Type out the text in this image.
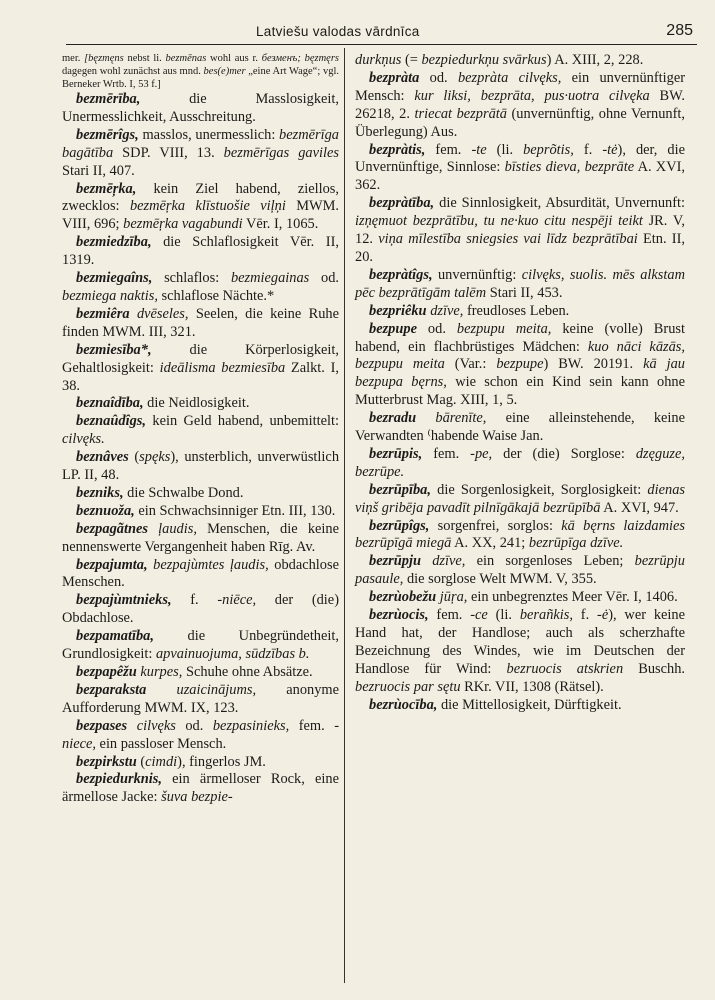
Latviešu valodas vārdnīca	285

mer. [bęzmęns nebst li. bezmēnas wohl aus r. безменъ; bęzmęrs dagegen wohl zunächst aus mnd. bes(e)mer „eine Art Wage“; vgl. Berneker Wrtb. I, 53 f.]

bezmērība, die Masslosigkeit, Unermesslichkeit, Ausschreitung.

bezmērîgs, masslos, unermesslich: bezmērīga bagātība SDP. VIII, 13. bezmērīgas gaviles Stari II, 407.

bezmēŗka, kein Ziel habend, ziellos, zwecklos: bezmēŗka klīstuošie viļņi MWM. VIII, 696; bezmēŗka vagabundi Vēr. I, 1065.

bezmiedzība, die Schlaflosigkeit Vēr. II, 1319.

bezmiegaîns, schlaflos: bezmiegainas od. bezmiega naktis, schlaflose Nächte.*

bezmiêra dvēseles, Seelen, die keine Ruhe finden MWM. III, 321.

bezmiesība*, die Körperlosigkeit, Gehaltlosigkeit: ideālisma bezmiesība Zalkt. I, 38.

beznaîdība, die Neidlosigkeit.

beznaûdîgs, kein Geld habend, unbemittelt: cilvęks.

beznâves (spęks), unsterblich, unverwüstlich LP. II, 48.

bezniks, die Schwalbe Dond.

beznuoža, ein Schwachsinniger Etn. III, 130.

bezpagãtnes ļaudis, Menschen, die keine nennenswerte Vergangenheit haben Rīg. Av.

bezpajumta, bezpajùmtes ļaudis, obdachlose Menschen.

bezpajùmtnieks, f. -niēce, der (die) Obdachlose.

bezpamatība, die Unbegründetheit, Grundlosigkeit: apvainuojuma, sūdzības b.

bezpapêžu kurpes, Schuhe ohne Absätze.

bezparaksta uzaicinājums, anonyme Aufforderung MWM. IX, 123.

bezpases cilvęks od. bezpasinieks, fem. -niece, ein passloser Mensch.

bezpirkstu (cimdi), fingerlos JM.

bezpiedurknis, ein ärmelloser Rock, eine ärmellose Jacke: šuva bezpie-

durkņus (= bezpiedurkņu svārkus) A. XIII, 2, 228.

bezpràta od. bezpràta cilvęks, ein unvernünftiger Mensch: kur liksi, bezprāta, pus·uotra cilvęka BW. 26218, 2. triecat bezprātā (unvernünftig, ohne Vernunft, Überlegung) Aus.

bezpràtis, fem. -te (li. beprõtis, f. -tė), der, die Unvernünftige, Sinnlose: bīsties dieva, bezprāte A. XVI, 362.

bezpràtība, die Sinnlosigkeit, Absurdität, Unvernunft: izņęmuot bezprātību, tu ne·kuo citu nespēji teikt JR. V, 12. viņa mīlestība sniegsies vai līdz bezprātībai Etn. II, 20.

bezpràtîgs, unvernünftig: cilvęks, suolis. mēs alkstam pēc bezprātīgām talēm Stari II, 453.

bezpriêku dzīve, freudloses Leben.

bezpupe od. bezpupu meita, keine (volle) Brust habend, ein flachbrüstiges Mädchen: kuo nāci kāzās, bezpupu meita (Var.: bezpupe) BW. 20191. kā jau bezpupa bęrns, wie schon ein Kind sein kann ohne Mutterbrust Mag. XIII, 1, 5.

bezradu bārenīte, eine alleinstehende, keine Verwandten ⁽habende Waise Jan.

bezrūpis, fem. -pe, der (die) Sorglose: dzęguze, bezrūpe.

bezrūpība, die Sorgenlosigkeit, Sorglosigkeit: dienas viņš gribēja pavadīt pilnīgākajā bezrūpībā A. XVI, 947.

bezrūpîgs, sorgenfrei, sorglos: kā bęrns laizdamies bezrūpīgā miegā A. XX, 241; bezrūpīga dzīve.

bezrūpju dzīve, ein sorgenloses Leben; bezrūpju pasaule, die sorglose Welt MWM. V, 355.

bezrùobežu jūŗa, ein unbegrenztes Meer Vēr. I, 1406.

bezrùocis, fem. -ce (li. berañkis, f. -ė), wer keine Hand hat, der Handlose; auch als scherzhafte Bezeichnung des Windes, wie im Deutschen der Handlose für Wind: bezruocis atskrien Buschh. bezruocis par sętu RKr. VII, 1308 (Rätsel).

bezrùocība, die Mittellosigkeit, Dürftigkeit.
